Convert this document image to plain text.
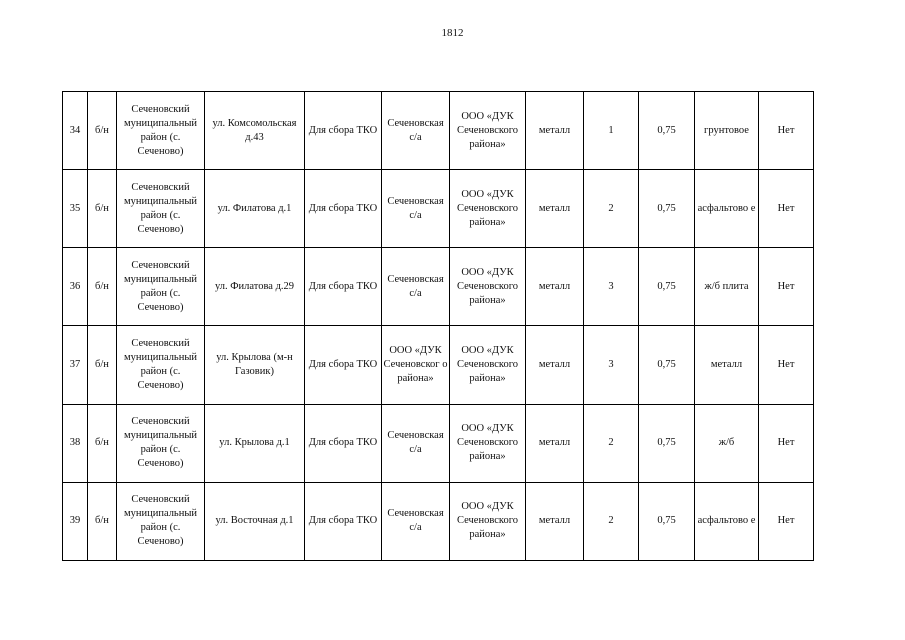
1812
34	б/н	Сеченовский муниципальный район (с. Сеченово)	ул. Комсомольская д.43	Для сбора ТКО	Сеченовская с/а	ООО «ДУК Сеченовского района»	металл	1	0,75	грунтовое	Нет
35	б/н	Сеченовский муниципальный район (с. Сеченово)	ул. Филатова д.1	Для сбора ТКО	Сеченовская с/а	ООО «ДУК Сеченовского района»	металл	2	0,75	асфальтово е	Нет
36	б/н	Сеченовский муниципальный район (с. Сеченово)	ул. Филатова д.29	Для сбора ТКО	Сеченовская с/а	ООО «ДУК Сеченовского района»	металл	3	0,75	ж/б плита	Нет
37	б/н	Сеченовский муниципальный район (с. Сеченово)	ул. Крылова (м-н Газовик)	Для сбора ТКО	ООО «ДУК Сеченовског о района»	ООО «ДУК Сеченовского района»	металл	3	0,75	металл	Нет
38	б/н	Сеченовский муниципальный район (с. Сеченово)	ул. Крылова д.1	Для сбора ТКО	Сеченовская с/а	ООО «ДУК Сеченовского района»	металл	2	0,75	ж/б	Нет
39	б/н	Сеченовский муниципальный район (с. Сеченово)	ул. Восточная д.1	Для сбора ТКО	Сеченовская с/а	ООО «ДУК Сеченовского района»	металл	2	0,75	асфальтово е	Нет
